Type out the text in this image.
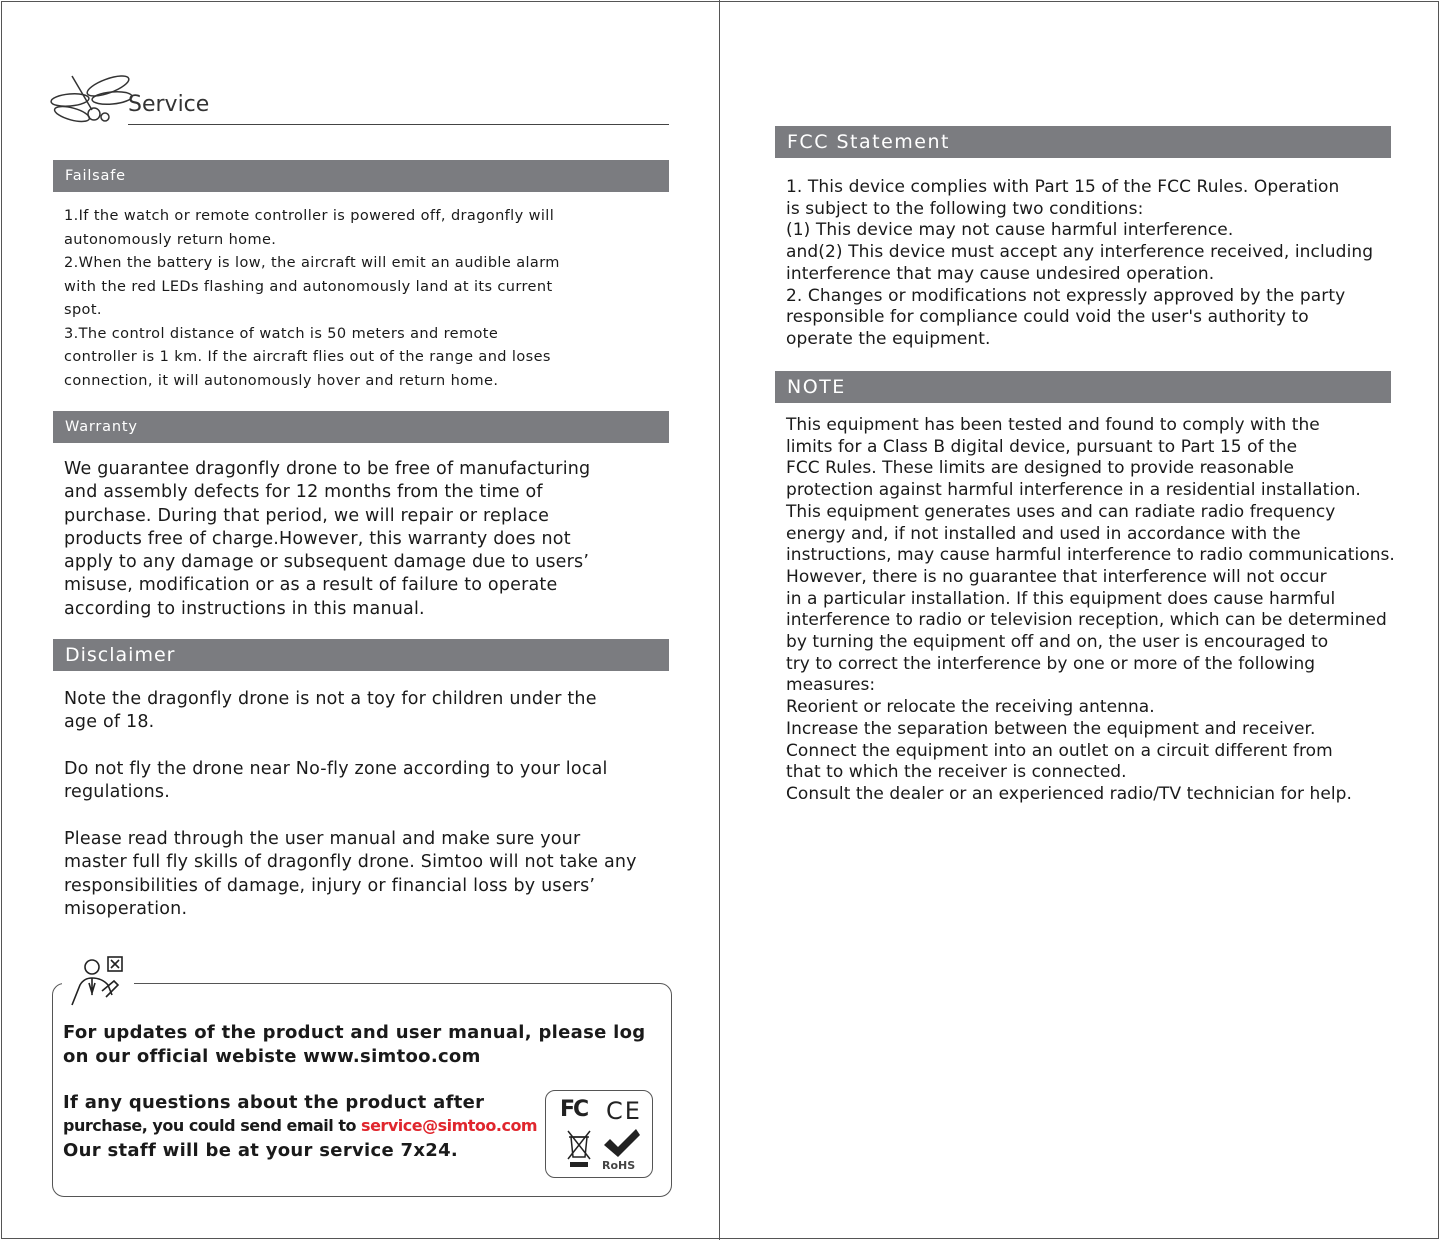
Service
Failsafe

1.If the watch or remote controller is powered off, dragonfly will
autonomously return home.
2.When the battery is low, the aircraft will emit an audible alarm
with the red LEDs flashing and autonomously land at its current
spot.
3.The control distance of watch is 50 meters and remote
controller is 1 km. If the aircraft flies out of the range and loses
connection, it will autonomously hover and return home.

Warranty

We guarantee dragonfly drone to be free of manufacturing
and assembly defects for 12 months from the time of
purchase. During that period, we will repair or replace
products free of charge.However, this warranty does not
apply to any damage or subsequent damage due to users’
misuse, modification or as a result of failure to operate
according to instructions in this manual.

Disclaimer

Note the dragonfly drone is not a toy for children under the
age of 18.

Do not fly the drone near No-fly zone according to your local
regulations.

Please read through the user manual and make sure your
master full fly skills of dragonfly drone. Simtoo will not take any
responsibilities of damage, injury or financial loss by users’
misoperation.

For updates of the product and user manual, please log
on our official webiste www.simtoo.com

If any questions about the product after
purchase, you could send email to service@simtoo.com
Our staff will be at your service 7x24.
FC CE
RoHS
FCC Statement

1. This device complies with Part 15 of the FCC Rules. Operation
is subject to the following two conditions:
(1) This device may not cause harmful interference.
and(2) This device must accept any interference received, including
interference that may cause undesired operation.
2. Changes or modifications not expressly approved by the party
responsible for compliance could void the user's authority to
operate the equipment.

NOTE

This equipment has been tested and found to comply with the
limits for a Class B digital device, pursuant to Part 15 of the
FCC Rules. These limits are designed to provide reasonable
protection against harmful interference in a residential installation.
This equipment generates uses and can radiate radio frequency
energy and, if not installed and used in accordance with the
instructions, may cause harmful interference to radio communications.
However, there is no guarantee that interference will not occur
in a particular installation. If this equipment does cause harmful
interference to radio or television reception, which can be determined
by turning the equipment off and on, the user is encouraged to
try to correct the interference by one or more of the following
measures:
Reorient or relocate the receiving antenna.
Increase the separation between the equipment and receiver.
Connect the equipment into an outlet on a circuit different from
that to which the receiver is connected.
Consult the dealer or an experienced radio/TV technician for help.
